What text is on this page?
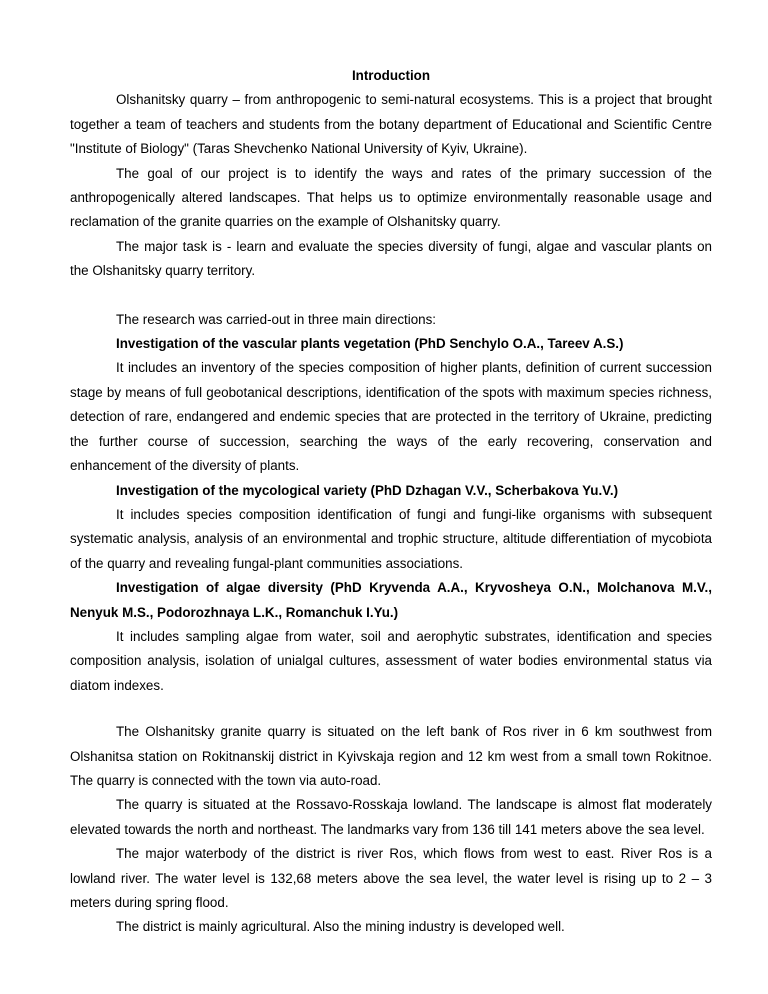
Introduction

Olshanitsky quarry – from anthropogenic to semi-natural ecosystems. This is a project that brought together a team of teachers and students from the botany department of Educational and Scientific Centre "Institute of Biology" (Taras Shevchenko National University of Kyiv, Ukraine).

The goal of our project is to identify the ways and rates of the primary succession of the anthropogenically altered landscapes. That helps us to optimize environmentally reasonable usage and reclamation of the granite quarries on the example of Olshanitsky quarry.

The major task is - learn and evaluate the species diversity of fungi, algae and vascular plants on the Olshanitsky quarry territory.

The research was carried-out in three main directions:

Investigation of the vascular plants vegetation (PhD Senchylo O.A., Tareev A.S.)

It includes an inventory of the species composition of higher plants, definition of current succession stage by means of full geobotanical descriptions, identification of the spots with maximum species richness, detection of rare, endangered and endemic species that are protected in the territory of Ukraine, predicting the further course of succession, searching the ways of the early recovering, conservation and enhancement of the diversity of plants.

Investigation of the mycological variety (PhD Dzhagan V.V., Scherbakova Yu.V.)

It includes species composition identification of fungi and fungi-like organisms with subsequent systematic analysis, analysis of an environmental and trophic structure, altitude differentiation of mycobiota of the quarry and revealing fungal-plant communities associations.

Investigation of algae diversity (PhD Kryvenda A.A., Kryvosheya O.N., Molchanova M.V., Nenyuk M.S., Podorozhnaya L.K., Romanchuk I.Yu.)

It includes sampling algae from water, soil and aerophytic substrates, identification and species composition analysis, isolation of unialgal cultures, assessment of water bodies environmental status via diatom indexes.

The Olshanitsky granite quarry is situated on the left bank of Ros river in 6 km southwest from Olshanitsa station on Rokitnanskij district in Kyivskaja region and 12 km west from a small town Rokitnoe. The quarry is connected with the town via auto-road.

The quarry is situated at the Rossavo-Rosskaja lowland. The landscape is almost flat moderately elevated towards the north and northeast. The landmarks vary from 136 till 141 meters above the sea level.

The major waterbody of the district is river Ros, which flows from west to east. River Ros is a lowland river. The water level is 132,68 meters above the sea level, the water level is rising up to 2 – 3 meters during spring flood.

The district is mainly agricultural. Also the mining industry is developed well.
